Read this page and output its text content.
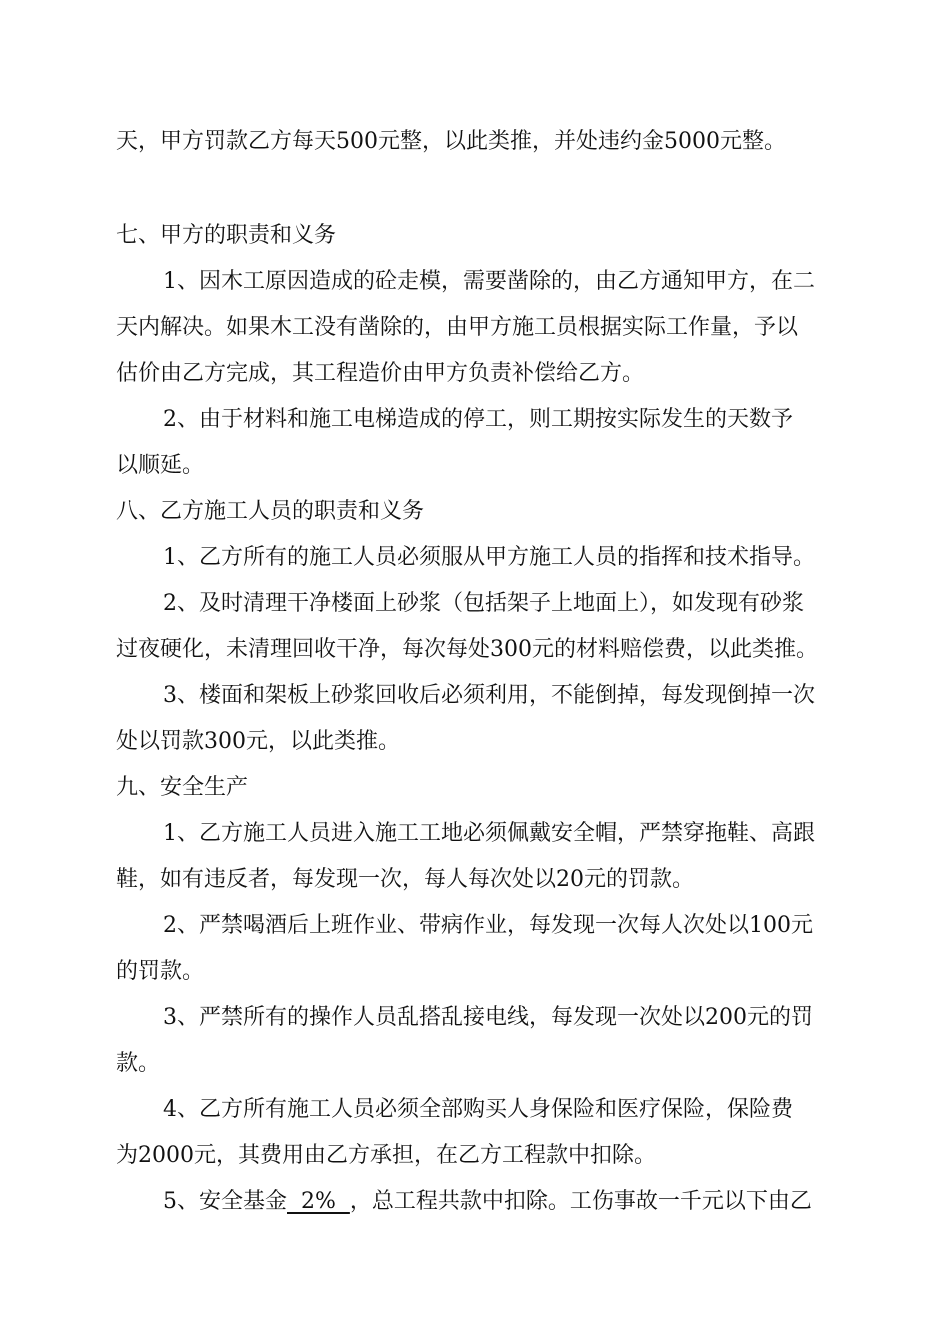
天，甲方罚款乙方每天500元整，以此类推，并处违约金5000元整。
七、甲方的职责和义务
1、因木工原因造成的砼走模，需要凿除的，由乙方通知甲方，在二
天内解决。如果木工没有凿除的，由甲方施工员根据实际工作量，予以
估价由乙方完成，其工程造价由甲方负责补偿给乙方。
2、由于材料和施工电梯造成的停工，则工期按实际发生的天数予
以顺延。
八、乙方施工人员的职责和义务
1、乙方所有的施工人员必须服从甲方施工人员的指挥和技术指导。
2、及时清理干净楼面上砂浆（包括架子上地面上），如发现有砂浆
过夜硬化，未清理回收干净，每次每处300元的材料赔偿费，以此类推。
3、楼面和架板上砂浆回收后必须利用，不能倒掉，每发现倒掉一次
处以罚款300元，以此类推。
九、安全生产
1、乙方施工人员进入施工工地必须佩戴安全帽，严禁穿拖鞋、高跟
鞋，如有违反者，每发现一次，每人每次处以20元的罚款。
2、严禁喝酒后上班作业、带病作业，每发现一次每人次处以100元
的罚款。
3、严禁所有的操作人员乱搭乱接电线，每发现一次处以200元的罚
款。
4、乙方所有施工人员必须全部购买人身保险和医疗保险，保险费
为2000元，其费用由乙方承担，在乙方工程款中扣除。
5、安全基金  2%  ，总工程共款中扣除。工伤事故一千元以下由乙
